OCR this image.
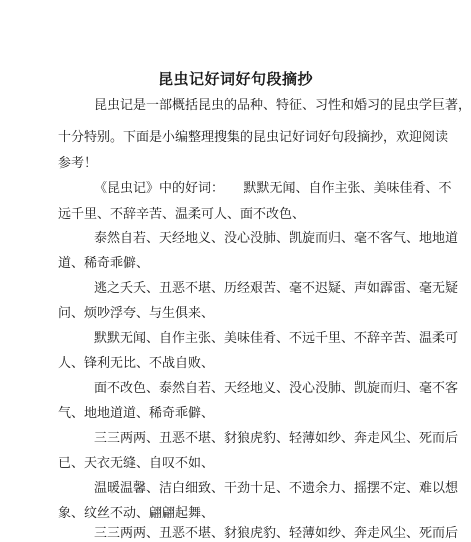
昆虫记好词好句段摘抄
昆虫记是一部概括昆虫的品种、特征、习性和婚习的昆虫学巨著，
十分特别。下面是小编整理搜集的昆虫记好词好句段摘抄，欢迎阅读
参考！
《昆虫记》中的好词：　　默默无闻、自作主张、美味佳肴、不
远千里、不辞辛苦、温柔可人、面不改色、
泰然自若、天经地义、没心没肺、凯旋而归、毫不客气、地地道
道、稀奇乖僻、
逃之夭夭、丑恶不堪、历经艰苦、毫不迟疑、声如霹雷、毫无疑
问、烦吵浮夸、与生俱来、
默默无闻、自作主张、美味佳肴、不远千里、不辞辛苦、温柔可
人、锋利无比、不战自败、
面不改色、泰然自若、天经地义、没心没肺、凯旋而归、毫不客
气、地地道道、稀奇乖僻、
三三两两、丑恶不堪、豺狼虎豹、轻薄如纱、奔走风尘、死而后
已、天衣无缝、自叹不如、
温暖温馨、洁白细致、干劲十足、不遗余力、摇摆不定、难以想
象、纹丝不动、翩翩起舞、
三三两两、丑恶不堪、豺狼虎豹、轻薄如纱、奔走风尘、死而后
